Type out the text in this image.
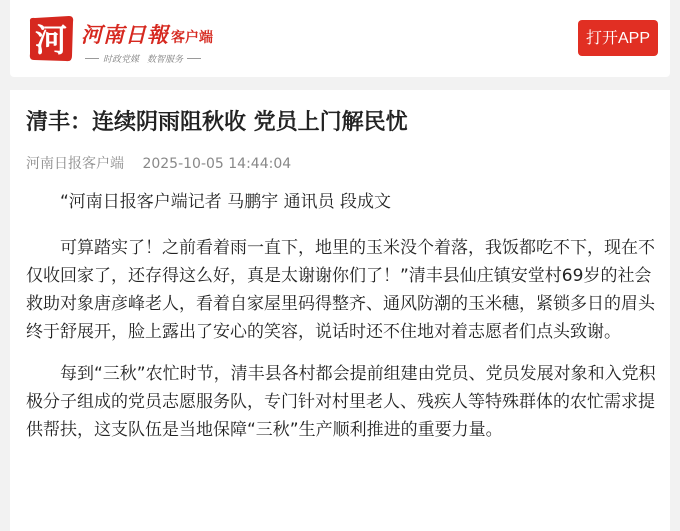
河 河南日報 客户端
时政党媒 数智服务
打开APP
清丰：连续阴雨阻秋收 党员上门解民忧
河南日报客户端 2025-10-05 14:44:04

“河南日报客户端记者 马鹏宇 通讯员 段成文

可算踏实了！之前看着雨一直下，地里的玉米没个着落，我饭都吃不下，现在不仅收回家了，还存得这么好，真是太谢谢你们了！”清丰县仙庄镇安堂村69岁的社会救助对象唐彦峰老人，看着自家屋里码得整齐、通风防潮的玉米穗，紧锁多日的眉头终于舒展开，脸上露出了安心的笑容，说话时还不住地对着志愿者们点头致谢。

每到“三秋”农忙时节，清丰县各村都会提前组建由党员、党员发展对象和入党积极分子组成的党员志愿服务队，专门针对村里老人、残疾人等特殊群体的农忙需求提供帮扶，这支队伍是当地保障“三秋”生产顺利推进的重要力量。
